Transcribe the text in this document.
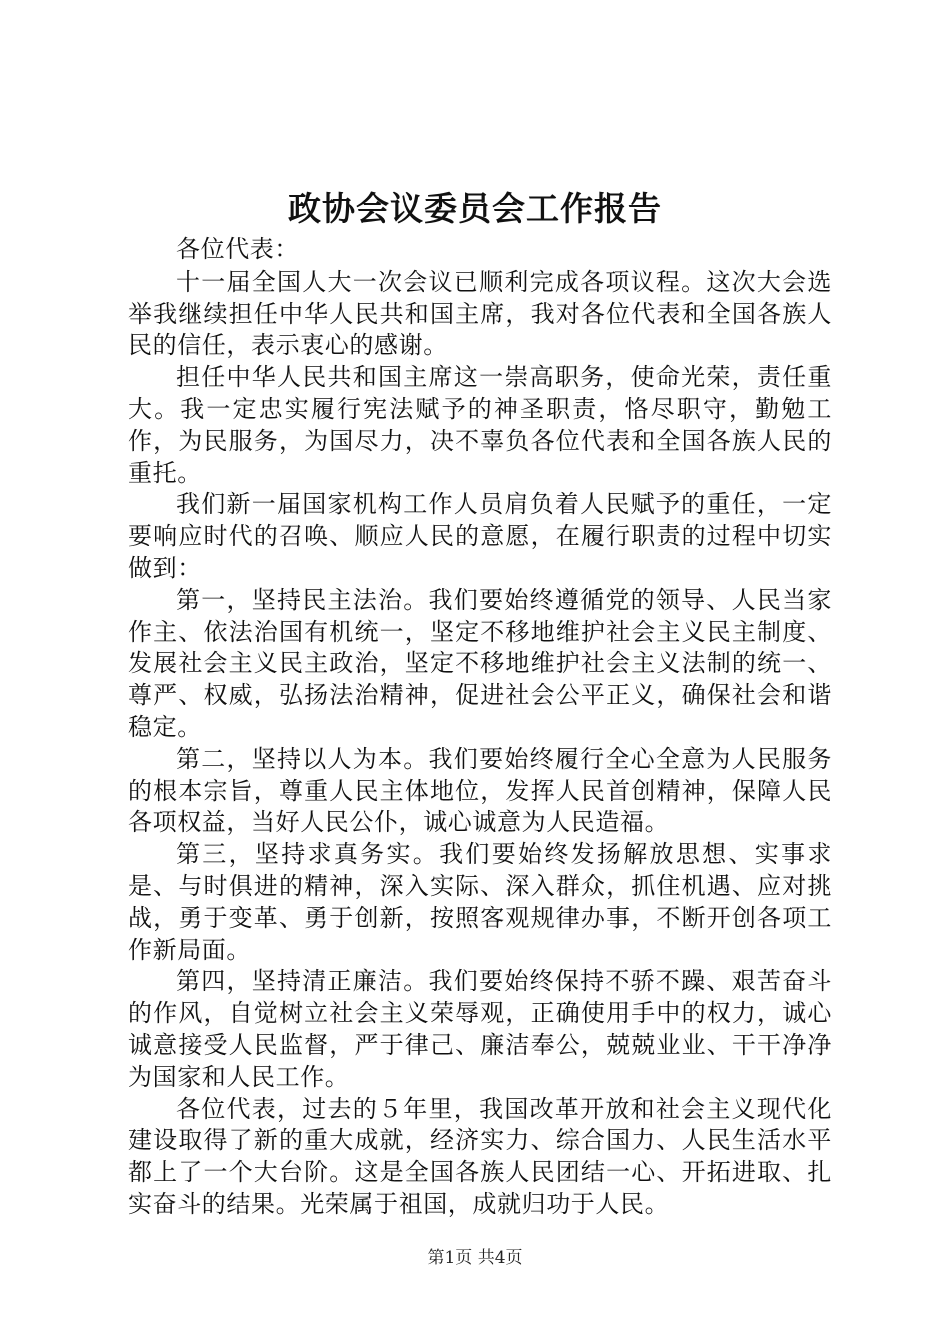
政协会议委员会工作报告

各位代表：

十一届全国人大一次会议已顺利完成各项议程。这次大会选举我继续担任中华人民共和国主席，我对各位代表和全国各族人民的信任，表示衷心的感谢。

担任中华人民共和国主席这一崇高职务，使命光荣，责任重大。我一定忠实履行宪法赋予的神圣职责，恪尽职守，勤勉工作，为民服务，为国尽力，决不辜负各位代表和全国各族人民的重托。

我们新一届国家机构工作人员肩负着人民赋予的重任，一定要响应时代的召唤、顺应人民的意愿，在履行职责的过程中切实做到：

第一，坚持民主法治。我们要始终遵循党的领导、人民当家作主、依法治国有机统一，坚定不移地维护社会主义民主制度、发展社会主义民主政治，坚定不移地维护社会主义法制的统一、尊严、权威，弘扬法治精神，促进社会公平正义，确保社会和谐稳定。

第二，坚持以人为本。我们要始终履行全心全意为人民服务的根本宗旨，尊重人民主体地位，发挥人民首创精神，保障人民各项权益，当好人民公仆，诚心诚意为人民造福。

第三，坚持求真务实。我们要始终发扬解放思想、实事求是、与时俱进的精神，深入实际、深入群众，抓住机遇、应对挑战，勇于变革、勇于创新，按照客观规律办事，不断开创各项工作新局面。

第四，坚持清正廉洁。我们要始终保持不骄不躁、艰苦奋斗的作风，自觉树立社会主义荣辱观，正确使用手中的权力，诚心诚意接受人民监督，严于律己、廉洁奉公，兢兢业业、干干净净为国家和人民工作。

各位代表，过去的５年里，我国改革开放和社会主义现代化建设取得了新的重大成就，经济实力、综合国力、人民生活水平都上了一个大台阶。这是全国各族人民团结一心、开拓进取、扎实奋斗的结果。光荣属于祖国，成就归功于人民。

第1页 共4页
